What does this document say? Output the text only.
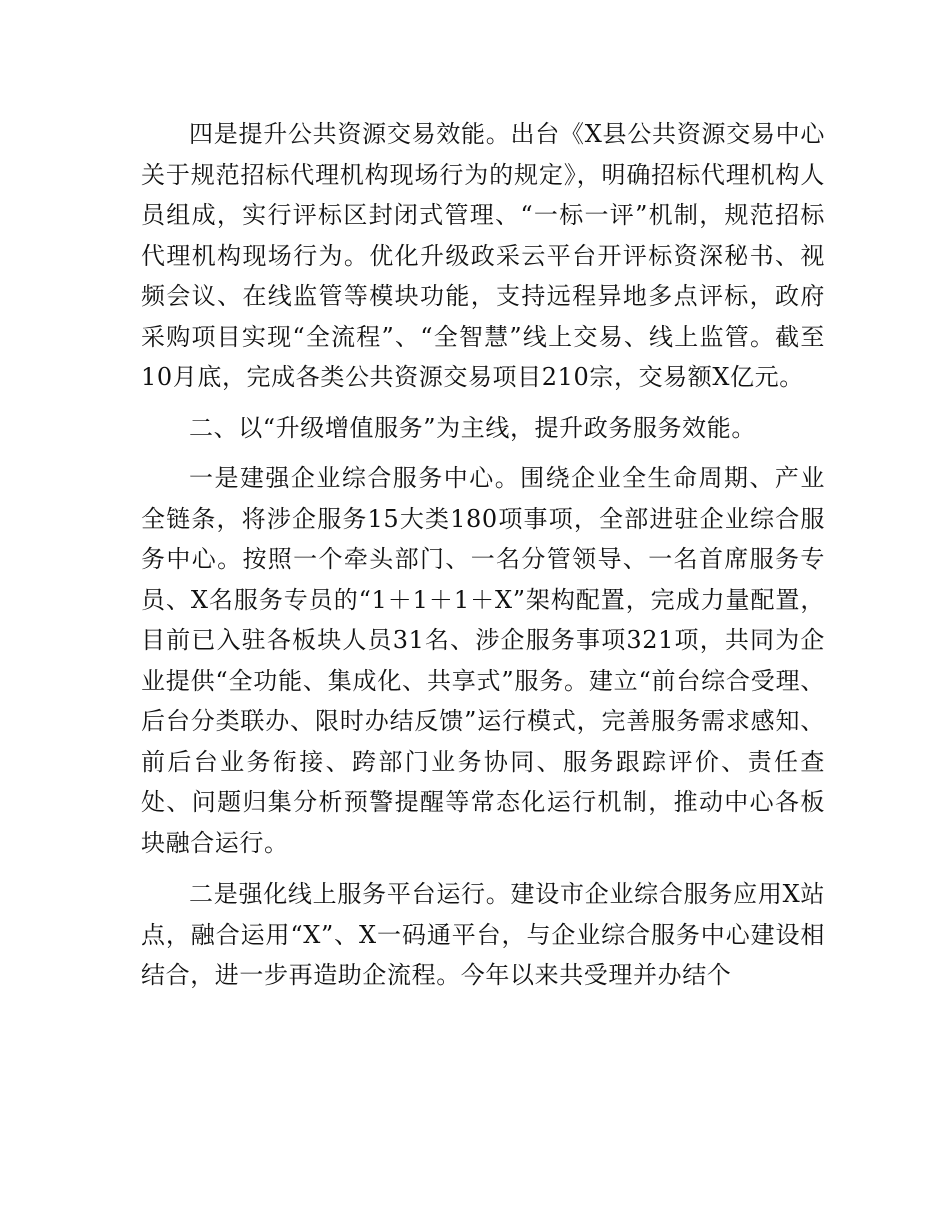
四是提升公共资源交易效能。出台《X县公共资源交易中心关于规范招标代理机构现场行为的规定》，明确招标代理机构人员组成，实行评标区封闭式管理、“一标一评”机制，规范招标代理机构现场行为。优化升级政采云平台开评标资深秘书、视频会议、在线监管等模块功能，支持远程异地多点评标，政府采购项目实现“全流程”、“全智慧”线上交易、线上监管。截至10月底，完成各类公共资源交易项目210宗，交易额X亿元。

二、以“升级增值服务”为主线，提升政务服务效能。

一是建强企业综合服务中心。围绕企业全生命周期、产业全链条，将涉企服务15大类180项事项，全部进驻企业综合服务中心。按照一个牵头部门、一名分管领导、一名首席服务专员、X名服务专员的“1＋1＋1＋X”架构配置，完成力量配置，目前已入驻各板块人员31名、涉企服务事项321项，共同为企业提供“全功能、集成化、共享式”服务。建立“前台综合受理、后台分类联办、限时办结反馈”运行模式，完善服务需求感知、前后台业务衔接、跨部门业务协同、服务跟踪评价、责任查处、问题归集分析预警提醒等常态化运行机制，推动中心各板块融合运行。

二是强化线上服务平台运行。建设市企业综合服务应用X站点，融合运用“X”、X一码通平台，与企业综合服务中心建设相结合，进一步再造助企流程。今年以来共受理并办结个
